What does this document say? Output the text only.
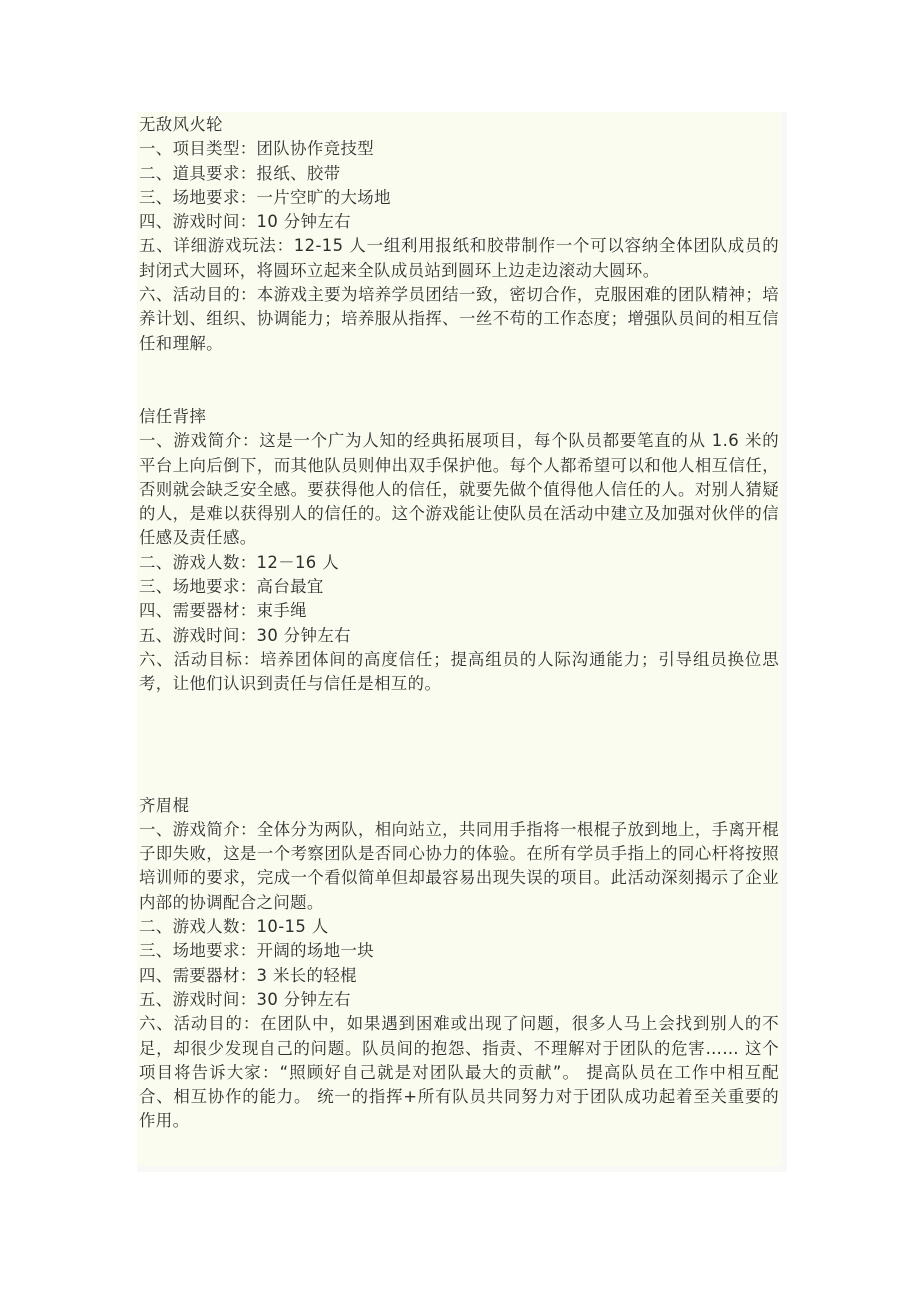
无敌风火轮

一、项目类型：团队协作竞技型

二、道具要求：报纸、胶带

三、场地要求：一片空旷的大场地

四、游戏时间：10 分钟左右

五、详细游戏玩法：12-15 人一组利用报纸和胶带制作一个可以容纳全体团队成员的封闭式大圆环，将圆环立起来全队成员站到圆环上边走边滚动大圆环。

六、活动目的：本游戏主要为培养学员团结一致，密切合作，克服困难的团队精神；培养计划、组织、协调能力；培养服从指挥、一丝不苟的工作态度；增强队员间的相互信任和理解。

信任背摔

一、游戏简介：这是一个广为人知的经典拓展项目，每个队员都要笔直的从 1.6 米的平台上向后倒下，而其他队员则伸出双手保护他。每个人都希望可以和他人相互信任，否则就会缺乏安全感。要获得他人的信任，就要先做个值得他人信任的人。对别人猜疑的人，是难以获得别人的信任的。这个游戏能让使队员在活动中建立及加强对伙伴的信任感及责任感。

二、游戏人数：12－16 人

三、场地要求：高台最宜

四、需要器材：束手绳

五、游戏时间：30 分钟左右

六、活动目标：培养团体间的高度信任；提高组员的人际沟通能力；引导组员换位思考，让他们认识到责任与信任是相互的。

齐眉棍

一、游戏简介：全体分为两队，相向站立，共同用手指将一根棍子放到地上，手离开棍子即失败，这是一个考察团队是否同心协力的体验。在所有学员手指上的同心杆将按照培训师的要求，完成一个看似简单但却最容易出现失误的项目。此活动深刻揭示了企业内部的协调配合之问题。

二、游戏人数：10-15 人

三、场地要求：开阔的场地一块

四、需要器材：3 米长的轻棍

五、游戏时间：30 分钟左右

六、活动目的：在团队中，如果遇到困难或出现了问题，很多人马上会找到别人的不足，却很少发现自己的问题。队员间的抱怨、指责、不理解对于团队的危害…… 这个项目将告诉大家：“照顾好自己就是对团队最大的贡献”。 提高队员在工作中相互配合、相互协作的能力。 统一的指挥+所有队员共同努力对于团队成功起着至关重要的作用。
